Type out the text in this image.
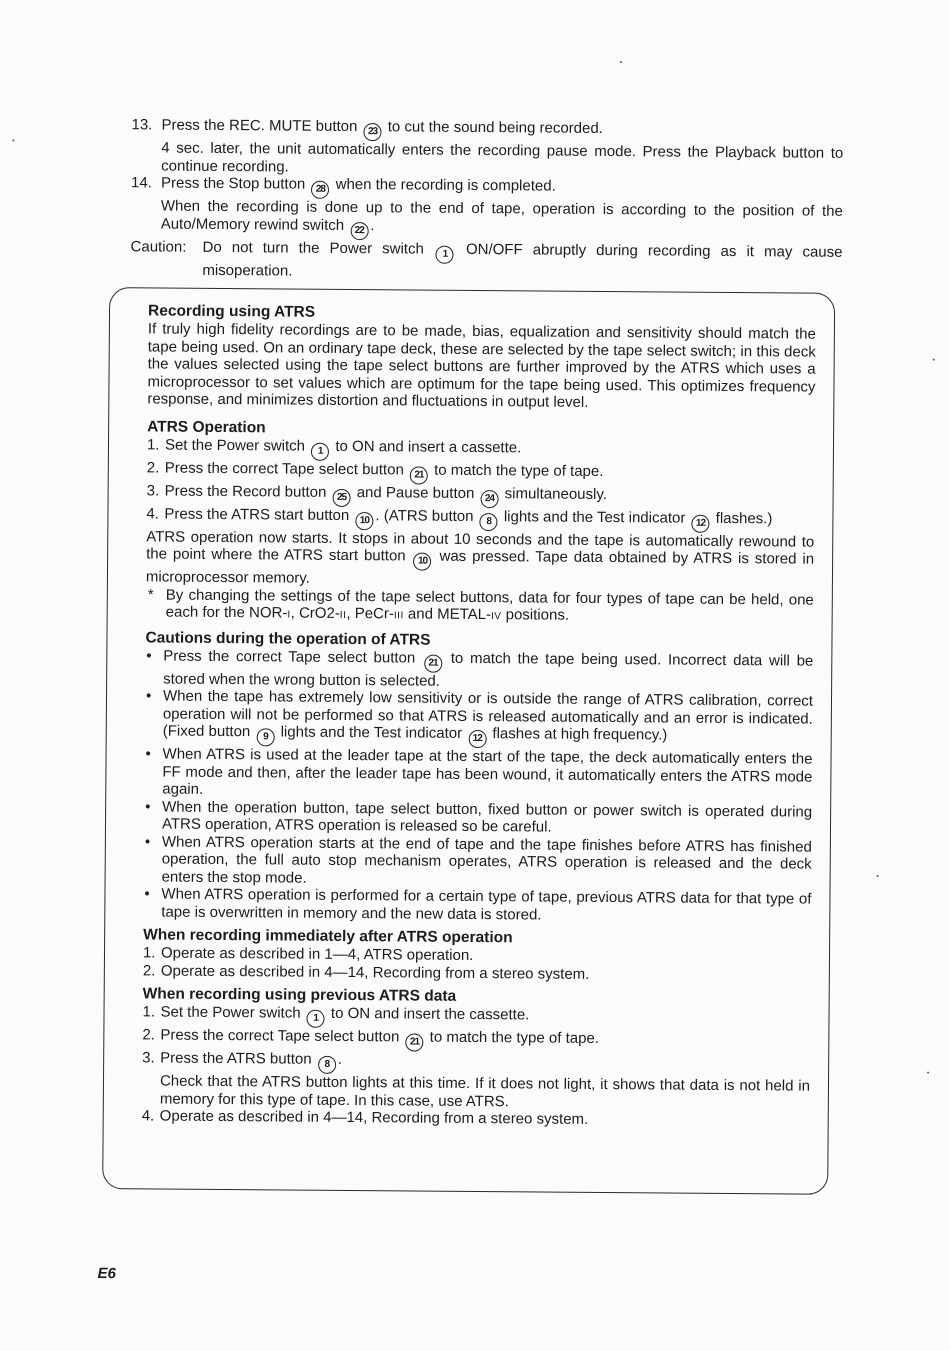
13. Press the REC. MUTE button 23 to cut the sound being recorded.

4 sec. later, the unit automatically enters the recording pause mode. Press the Playback button to continue recording.

14. Press the Stop button 28 when the recording is completed.

When the recording is done up to the end of tape, operation is according to the position of the Auto/Memory rewind switch 22 .

Caution: Do not turn the Power switch 1 ON/OFF abruptly during recording as it may cause misoperation.

Recording using ATRS

If truly high fidelity recordings are to be made, bias, equalization and sensitivity should match the tape being used. On an ordinary tape deck, these are selected by the tape select switch; in this deck the values selected using the tape select buttons are further improved by the ATRS which uses a microprocessor to set values which are optimum for the tape being used. This optimizes frequency response, and minimizes distortion and fluctuations in output level.

ATRS Operation
1. Set the Power switch 1 to ON and insert a cassette.
2. Press the correct Tape select button 21 to match the type of tape.
3. Press the Record button 25 and Pause button 24 simultaneously.
4. Press the ATRS start button 10 . (ATRS button 8 lights and the Test indicator 12 flashes.)

ATRS operation now starts. It stops in about 10 seconds and the tape is automatically rewound to the point where the ATRS start button 10 was pressed. Tape data obtained by ATRS is stored in microprocessor memory.

* By changing the settings of the tape select buttons, data for four types of tape can be held, one each for the NOR-I, CrO2-II, PeCr-III and METAL-IV positions.

Cautions during the operation of ATRS
• Press the correct Tape select button 21 to match the tape being used. Incorrect data will be stored when the wrong button is selected.

• When the tape has extremely low sensitivity or is outside the range of ATRS calibration, correct operation will not be performed so that ATRS is released automatically and an error is indicated. (Fixed button 9 lights and the Test indicator 12 flashes at high frequency.)

• When ATRS is used at the leader tape at the start of the tape, the deck automatically enters the FF mode and then, after the leader tape has been wound, it automatically enters the ATRS mode again.

• When the operation button, tape select button, fixed button or power switch is operated during ATRS operation, ATRS operation is released so be careful.

• When ATRS operation starts at the end of tape and the tape finishes before ATRS has finished operation, the full auto stop mechanism operates, ATRS operation is released and the deck enters the stop mode.

• When ATRS operation is performed for a certain type of tape, previous ATRS data for that type of tape is overwritten in memory and the new data is stored.

When recording immediately after ATRS operation
1. Operate as described in 1—4, ATRS operation.
2. Operate as described in 4—14, Recording from a stereo system.
When recording using previous ATRS data
1. Set the Power switch 1 to ON and insert the cassette.
2. Press the correct Tape select button 21 to match the type of tape.
3. Press the ATRS button 8 .

Check that the ATRS button lights at this time. If it does not light, it shows that data is not held in memory for this type of tape. In this case, use ATRS.

4. Operate as described in 4—14, Recording from a stereo system.
E6
